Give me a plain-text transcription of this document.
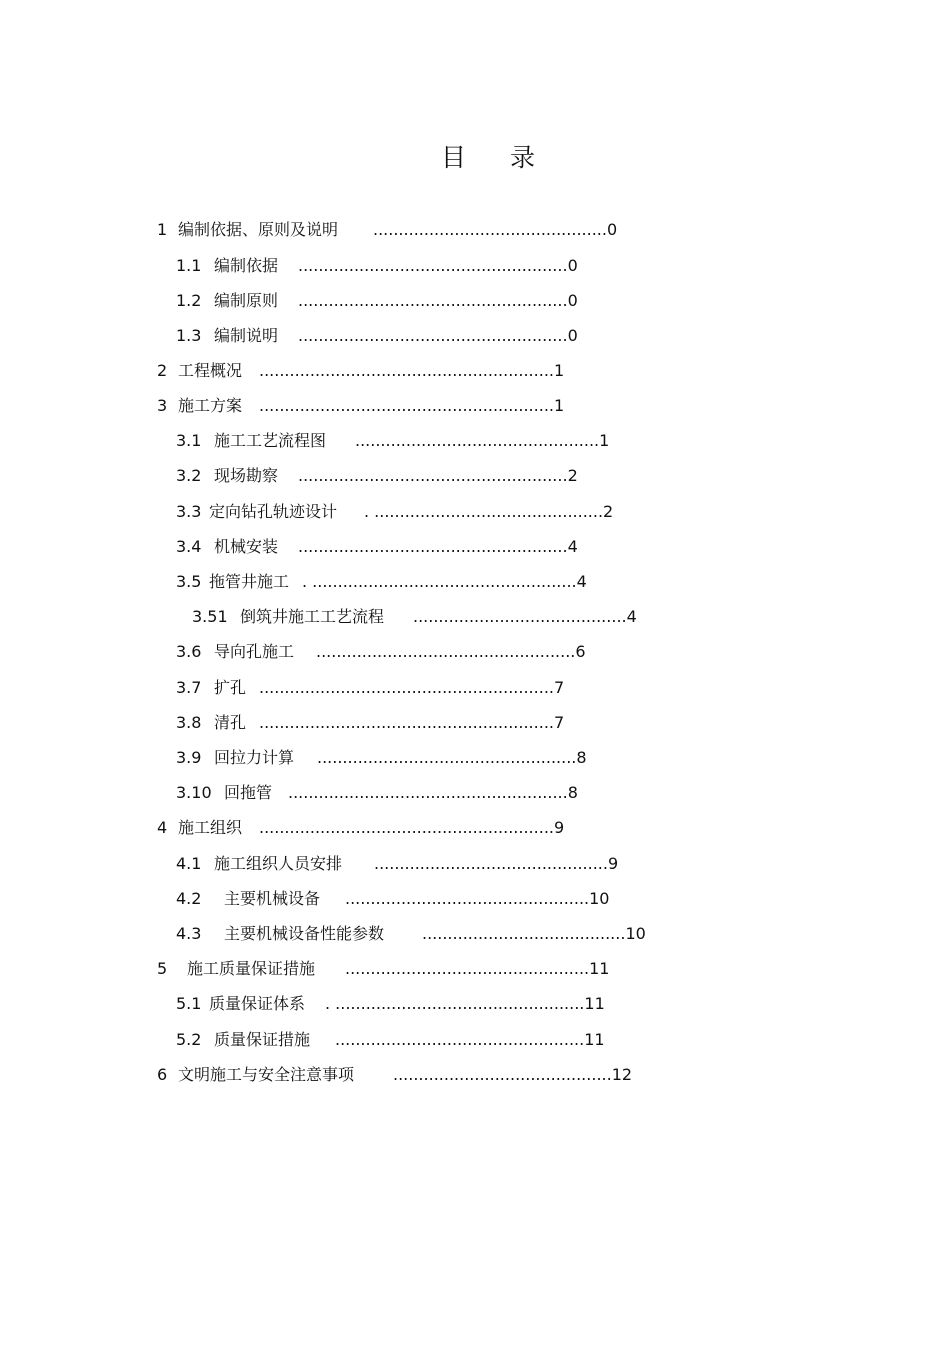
目 录
1 编制依据、原则及说明 ..............................................0
1.1 编制依据 .....................................................0
1.2 编制原则 .....................................................0
1.3 编制说明 .....................................................0
2 工程概况 ..........................................................1
3 施工方案 ..........................................................1
3.1 施工工艺流程图 ................................................1
3.2 现场勘察 .....................................................2
3.3 定向钻孔轨迹设计 . .............................................2
3.4 机械安装 .....................................................4
3.5 拖管井施工 . ....................................................4
3.51 倒筑井施工工艺流程 ..........................................4
3.6 导向孔施工 ...................................................6
3.7 扩孔 ..........................................................7
3.8 清孔 ..........................................................7
3.9 回拉力计算 ...................................................8
3.10 回拖管 .......................................................8
4 施工组织 ..........................................................9
4.1 施工组织人员安排 ..............................................9
4.2 主要机械设备 ................................................10
4.3 主要机械设备性能参数 ........................................10
5 施工质量保证措施 ................................................11
5.1 质量保证体系 . .................................................11
5.2 质量保证措施 .................................................11
6 文明施工与安全注意事项 ...........................................12
